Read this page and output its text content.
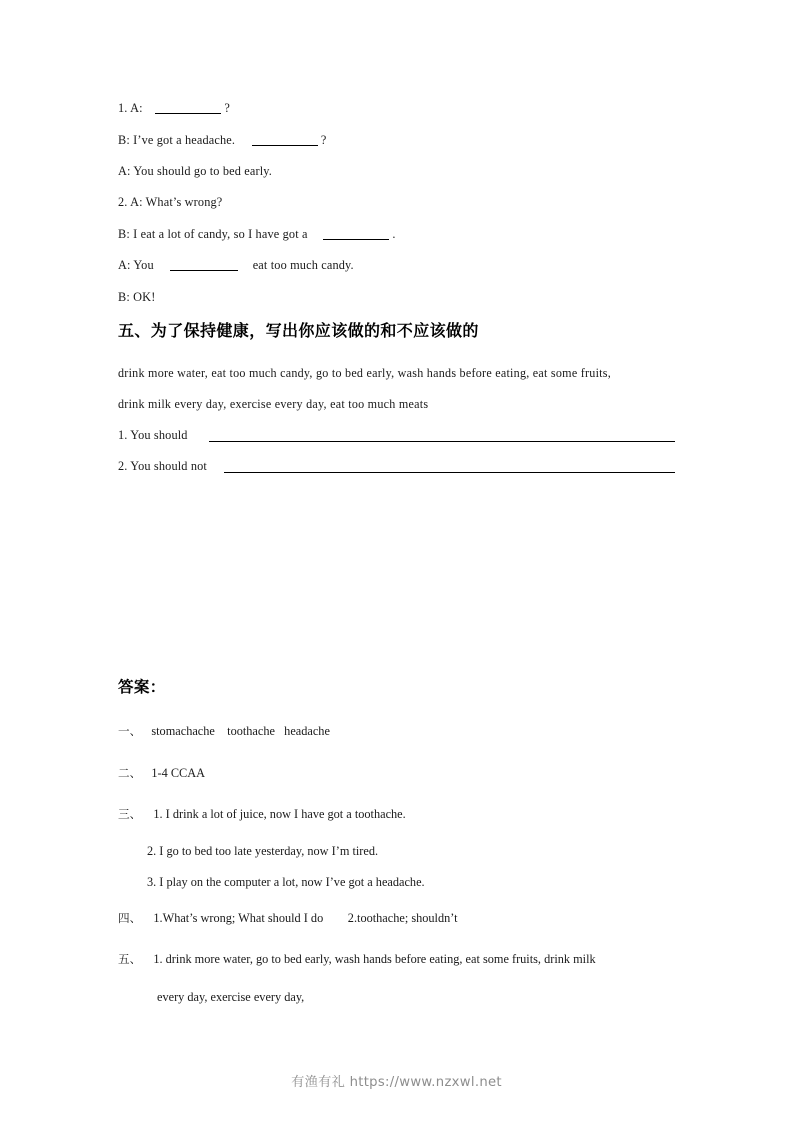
1. A:	?
B: I’ve got a headache.	?
A: You should go to bed early.
2. A: What’s wrong?
B: I eat a lot of candy, so I have got a	.
A: You	eat too much candy.
B: OK!
五、为了保持健康，写出你应该做的和不应该做的
drink more water, eat too much candy, go to bed early, wash hands before eating, eat some fruits,
drink milk every day, exercise every day, eat too much meats
1. You should
2. You should not
答案：
一、 stomachache    toothache   headache
二、 1-4 CCAA
三、 1. I drink a lot of juice, now I have got a toothache.
2. I go to bed too late yesterday, now I’m tired.
3. I play on the computer a lot, now I’ve got a headache.
四、 1.What’s wrong; What should I do        2.toothache; shouldn’t
五、 1. drink more water, go to bed early, wash hands before eating, eat some fruits, drink milk
every day, exercise every day,
有渔有礼 https://www.nzxwl.net
